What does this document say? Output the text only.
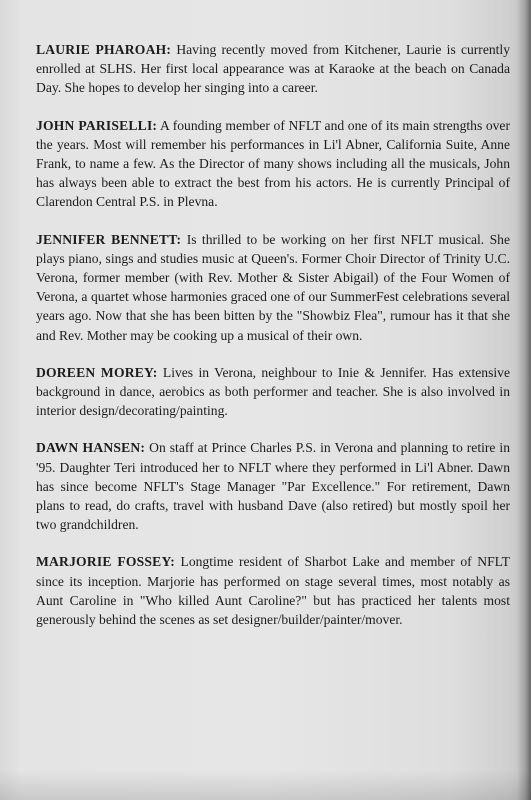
LAURIE PHAROAH: Having recently moved from Kitchener, Laurie is currently enrolled at SLHS. Her first local appearance was at Karaoke at the beach on Canada Day. She hopes to develop her singing into a career.

JOHN PARISELLI: A founding member of NFLT and one of its main strengths over the years. Most will remember his performances in Li'l Abner, California Suite, Anne Frank, to name a few. As the Director of many shows including all the musicals, John has always been able to extract the best from his actors. He is currently Principal of Clarendon Central P.S. in Plevna.

JENNIFER BENNETT: Is thrilled to be working on her first NFLT musical. She plays piano, sings and studies music at Queen's. Former Choir Director of Trinity U.C. Verona, former member (with Rev. Mother & Sister Abigail) of the Four Women of Verona, a quartet whose harmonies graced one of our SummerFest celebrations several years ago. Now that she has been bitten by the "Showbiz Flea", rumour has it that she and Rev. Mother may be cooking up a musical of their own.

DOREEN MOREY: Lives in Verona, neighbour to Inie & Jennifer. Has extensive background in dance, aerobics as both performer and teacher. She is also involved in interior design/decorating/painting.

DAWN HANSEN: On staff at Prince Charles P.S. in Verona and planning to retire in '95. Daughter Teri introduced her to NFLT where they performed in Li'l Abner. Dawn has since become NFLT's Stage Manager "Par Excellence." For retirement, Dawn plans to read, do crafts, travel with husband Dave (also retired) but mostly spoil her two grandchildren.

MARJORIE FOSSEY: Longtime resident of Sharbot Lake and member of NFLT since its inception. Marjorie has performed on stage several times, most notably as Aunt Caroline in "Who killed Aunt Caroline?" but has practiced her talents most generously behind the scenes as set designer/builder/painter/mover.
